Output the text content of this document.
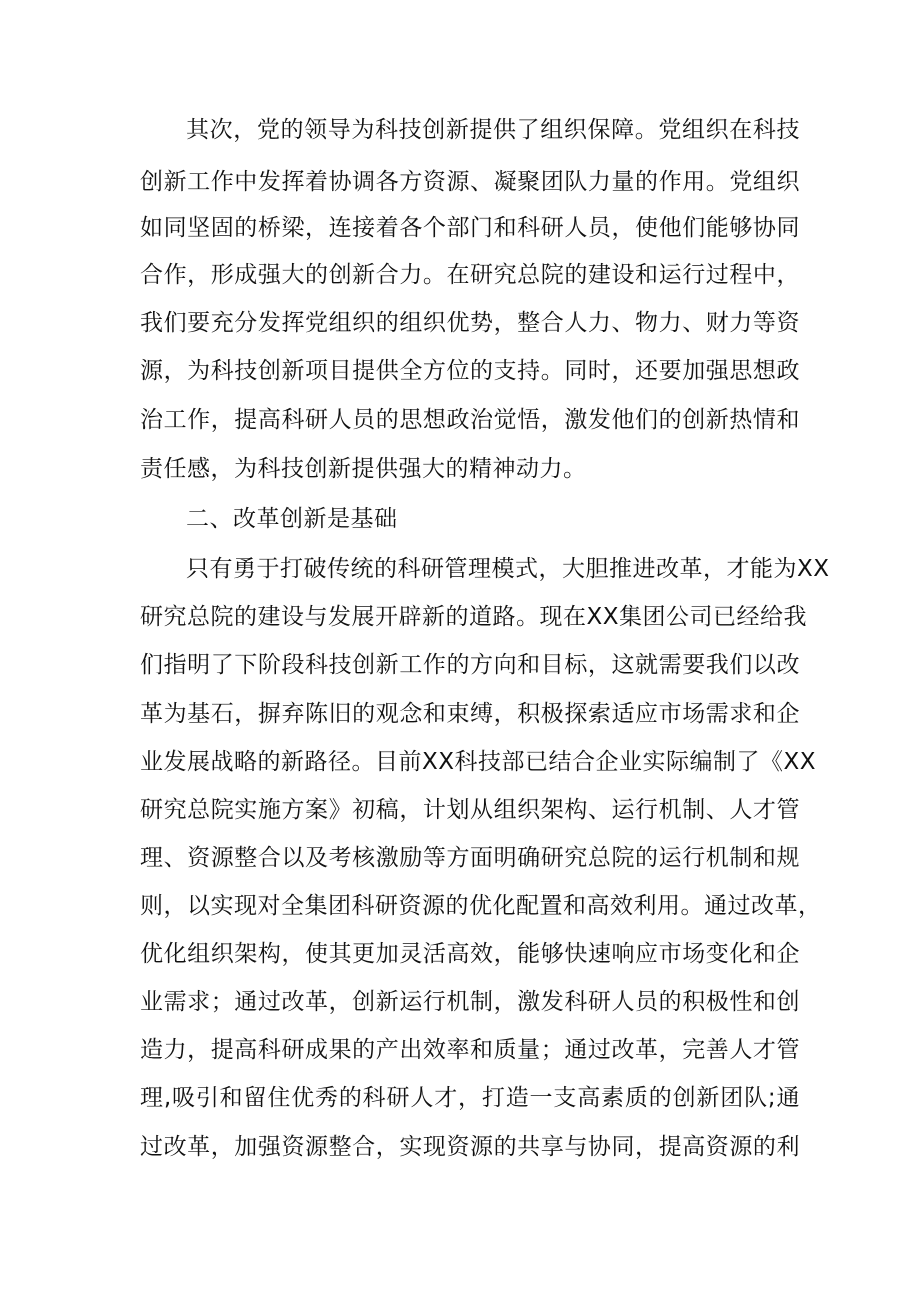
其次，党的领导为科技创新提供了组织保障。党组织在科技
创新工作中发挥着协调各方资源、凝聚团队力量的作用。党组织
如同坚固的桥梁，连接着各个部门和科研人员，使他们能够协同
合作，形成强大的创新合力。在研究总院的建设和运行过程中，
我们要充分发挥党组织的组织优势，整合人力、物力、财力等资
源，为科技创新项目提供全方位的支持。同时，还要加强思想政
治工作，提高科研人员的思想政治觉悟，激发他们的创新热情和
责任感，为科技创新提供强大的精神动力。
二、改革创新是基础
只有勇于打破传统的科研管理模式，大胆推进改革，才能为XX
研究总院的建设与发展开辟新的道路。现在XX集团公司已经给我
们指明了下阶段科技创新工作的方向和目标，这就需要我们以改
革为基石，摒弃陈旧的观念和束缚，积极探索适应市场需求和企
业发展战略的新路径。目前XX科技部已结合企业实际编制了《XX
研究总院实施方案》初稿，计划从组织架构、运行机制、人才管
理、资源整合以及考核激励等方面明确研究总院的运行机制和规
则，以实现对全集团科研资源的优化配置和高效利用。通过改革，
优化组织架构，使其更加灵活高效，能够快速响应市场变化和企
业需求；通过改革，创新运行机制，激发科研人员的积极性和创
造力，提高科研成果的产出效率和质量；通过改革，完善人才管
理,吸引和留住优秀的科研人才，打造一支高素质的创新团队;通
过改革，加强资源整合，实现资源的共享与协同，提高资源的利
